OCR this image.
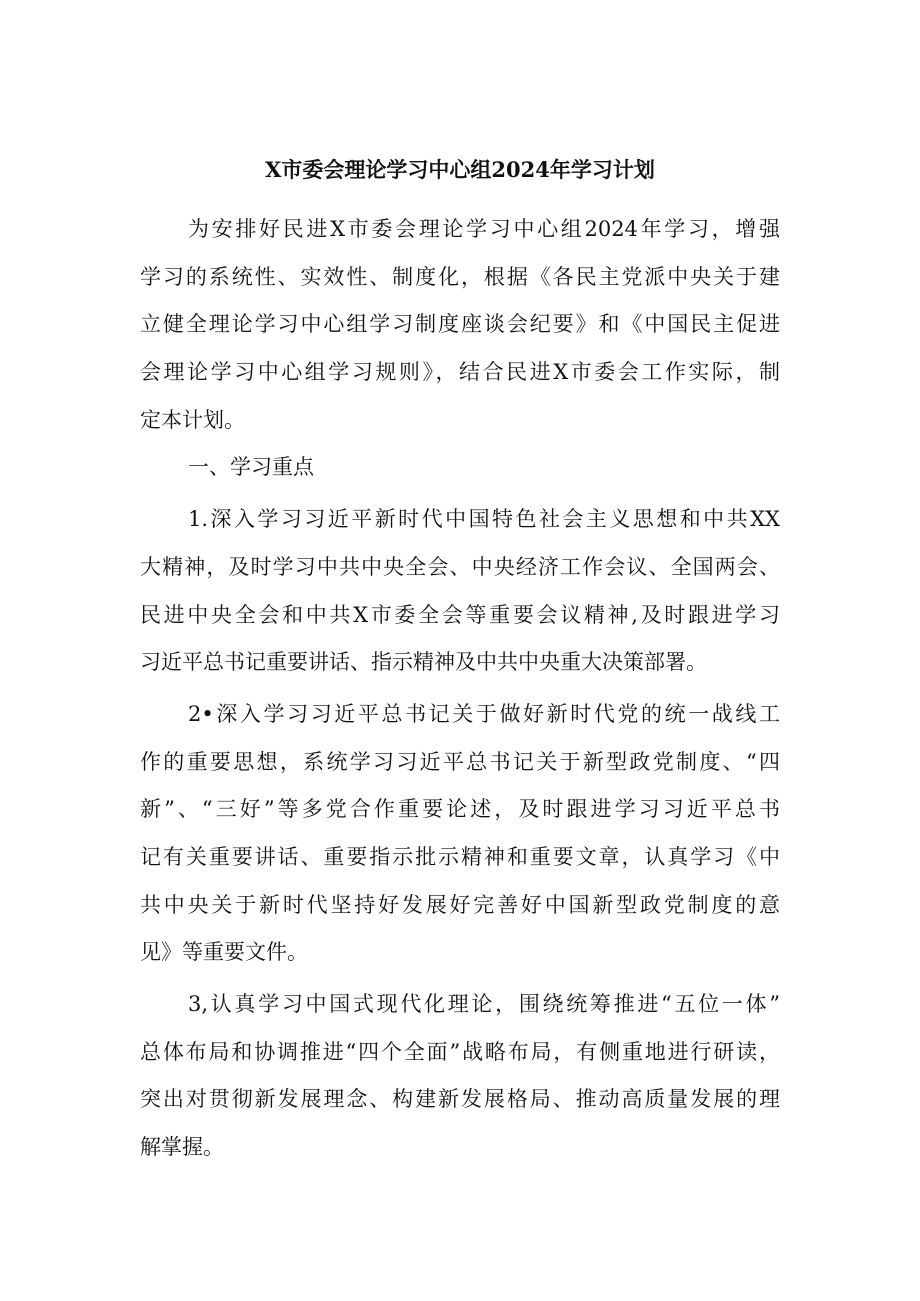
X市委会理论学习中心组2024年学习计划
为安排好民进X市委会理论学习中心组2024年学习，增强
学习的系统性、实效性、制度化，根据《各民主党派中央关于建
立健全理论学习中心组学习制度座谈会纪要》和《中国民主促进
会理论学习中心组学习规则》，结合民进X市委会工作实际，制
定本计划。
一、学习重点
1.深入学习习近平新时代中国特色社会主义思想和中共XX
大精神，及时学习中共中央全会、中央经济工作会议、全国两会、
民进中央全会和中共X市委全会等重要会议精神,及时跟进学习
习近平总书记重要讲话、指示精神及中共中央重大决策部署。
2•深入学习习近平总书记关于做好新时代党的统一战线工
作的重要思想，系统学习习近平总书记关于新型政党制度、“四
新”、“三好”等多党合作重要论述，及时跟进学习习近平总书
记有关重要讲话、重要指示批示精神和重要文章，认真学习《中
共中央关于新时代坚持好发展好完善好中国新型政党制度的意
见》等重要文件。
3,认真学习中国式现代化理论，围绕统筹推进“五位一体”
总体布局和协调推进“四个全面”战略布局，有侧重地进行研读，
突出对贯彻新发展理念、构建新发展格局、推动高质量发展的理
解掌握。
